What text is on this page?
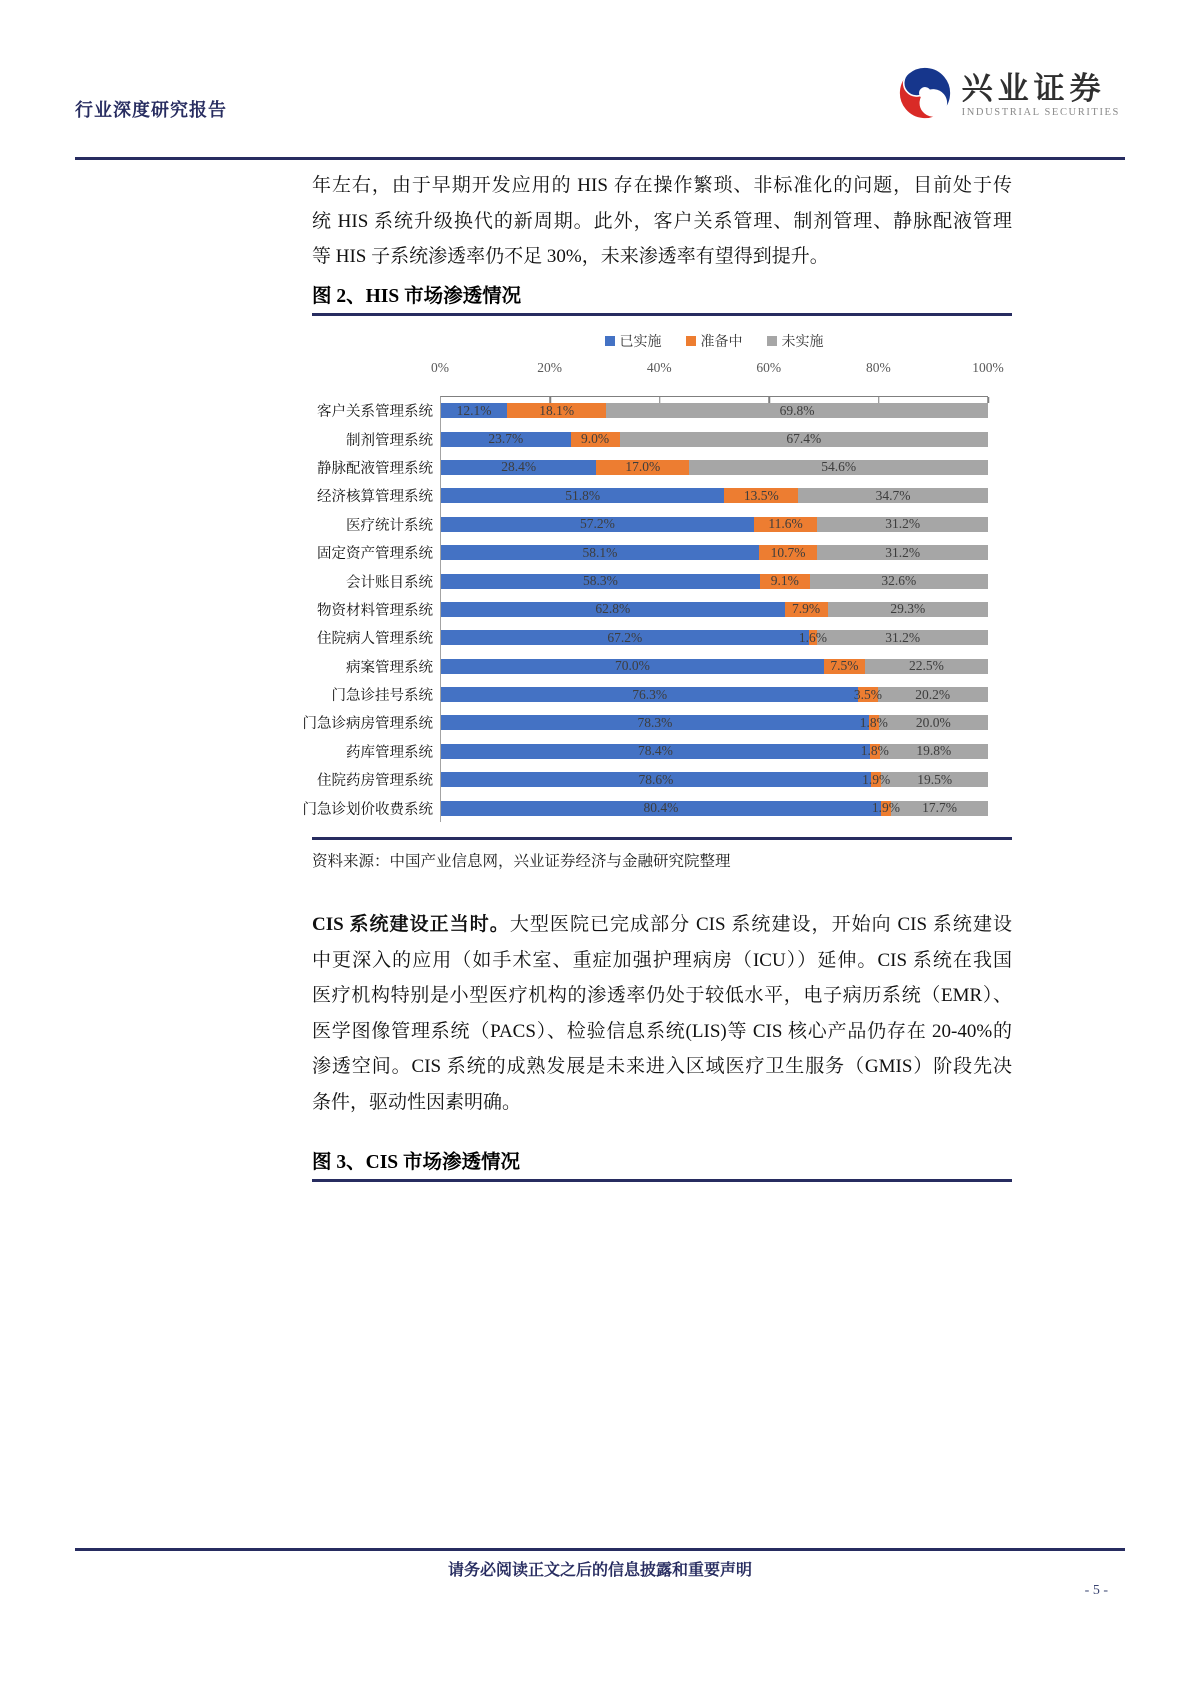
行业深度研究报告
兴业证券
INDUSTRIAL SECURITIES
年左右，由于早期开发应用的 HIS 存在操作繁琐、非标准化的问题，目前处于传
统 HIS 系统升级换代的新周期。此外，客户关系管理、制剂管理、静脉配液管理
等 HIS 子系统渗透率仍不足 30%，未来渗透率有望得到提升。
图 2、HIS 市场渗透情况
已实施	准备中	未实施
0%	20%	40%	60%	80%	100%
客户关系管理系统 12.1%	18.1%	69.8%
制剂管理系统	23.7%	9.0%	67.4%
静脉配液管理系统	28.4%	17.0%	54.6%
经济核算管理系统	51.8%	13.5%	34.7%
医疗统计系统	57.2%	11.6%	31.2%
固定资产管理系统	58.1%	10.7%	31.2%
会计账目系统	58.3%	9.1%	32.6%
物资材料管理系统	62.8%	7.9%	29.3%
住院病人管理系统	67.2%	1.6%	31.2%
病案管理系统	70.0%	7.5%	22.5%
门急诊挂号系统	76.3%	3.5% 20.2%
门急诊病房管理系统	78.3%	1.8% 20.0%
药库管理系统	78.4%	1.8% 19.8%
住院药房管理系统	78.6%	1.9% 19.5%
门急诊划价收费系统	80.4%	1.9% 17.7%
资料来源：中国产业信息网，兴业证券经济与金融研究院整理
CIS 系统建设正当时。大型医院已完成部分 CIS 系统建设，开始向 CIS 系统建设
中更深入的应用（如手术室、重症加强护理病房（ICU））延伸。CIS 系统在我国
医疗机构特别是小型医疗机构的渗透率仍处于较低水平，电子病历系统（EMR）、
医学图像管理系统（PACS）、检验信息系统(LIS)等 CIS 核心产品仍存在 20-40%的
渗透空间。CIS 系统的成熟发展是未来进入区域医疗卫生服务（GMIS）阶段先决
条件，驱动性因素明确。
图 3、CIS 市场渗透情况
请务必阅读正文之后的信息披露和重要声明
- 5 -
